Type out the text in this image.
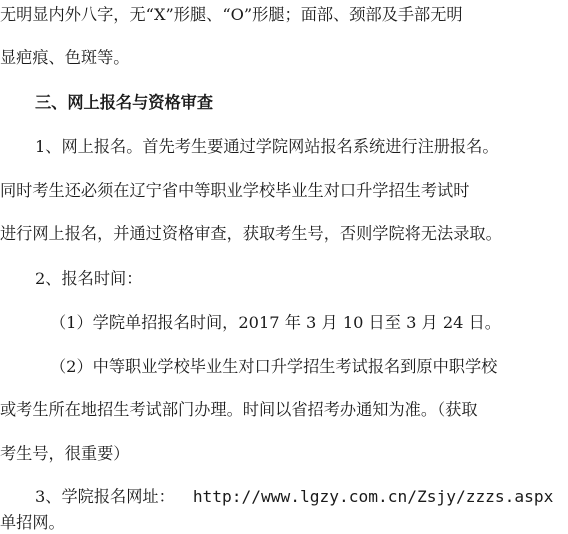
无明显内外八字，无“X”形腿、“O”形腿；面部、颈部及手部无明
显疤痕、色斑等。
三、网上报名与资格审查
1、网上报名。首先考生要通过学院网站报名系统进行注册报名。
同时考生还必须在辽宁省中等职业学校毕业生对口升学招生考试时
进行网上报名，并通过资格审查，获取考生号，否则学院将无法录取。
2、报名时间：
（1）学院单招报名时间，2017 年 3 月 10 日至 3 月 24 日。
（2）中等职业学校毕业生对口升学招生考试报名到原中职学校
或考生所在地招生考试部门办理。时间以省招考办通知为准。（获取
考生号，很重要）
3、学院报名网址： http://www.lgzy.com.cn/Zsjy/zzzs.aspx
单招网。
